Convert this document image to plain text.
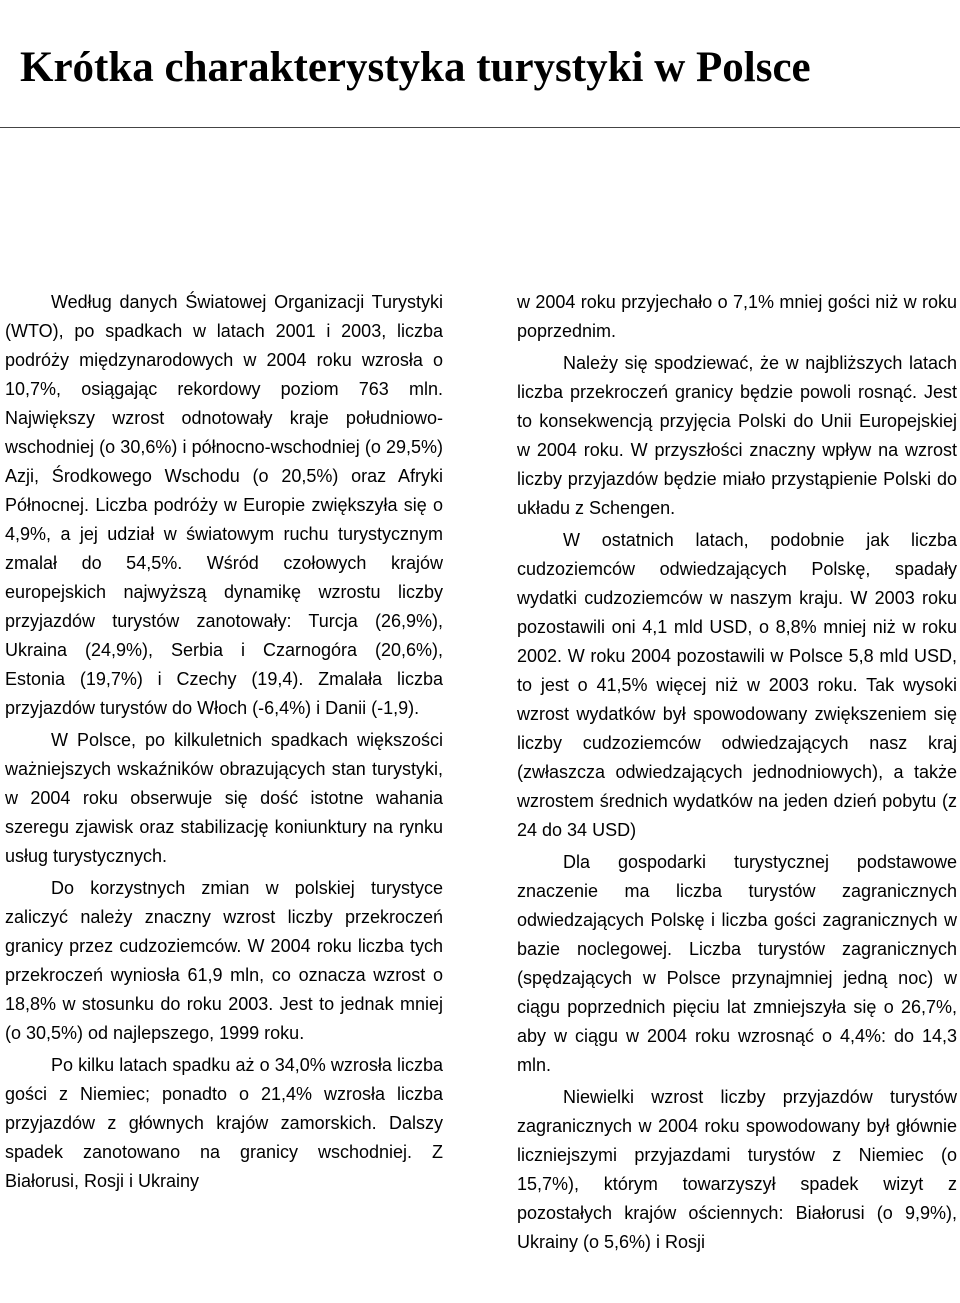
Krótka charakterystyka turystyki w Polsce

Według danych Światowej Organizacji Turystyki (WTO), po spadkach w latach 2001 i 2003, liczba podróży międzynarodowych w 2004 roku wzrosła o 10,7%, osiągając rekordowy poziom 763 mln. Największy wzrost odnotowały kraje południowo-wschodniej (o 30,6%) i północno-wschodniej (o 29,5%) Azji, Środkowego Wschodu (o 20,5%) oraz Afryki Północnej. Liczba podróży w Europie zwiększyła się o 4,9%, a jej udział w światowym ruchu turystycznym zmalał do 54,5%. Wśród czołowych krajów europejskich najwyższą dynamikę wzrostu liczby przyjazdów turystów zanotowały: Turcja (26,9%), Ukraina (24,9%), Serbia i Czarnogóra (20,6%), Estonia (19,7%) i Czechy (19,4). Zmalała liczba przyjazdów turystów do Włoch (-6,4%) i Danii (-1,9).

W Polsce, po kilkuletnich spadkach większości ważniejszych wskaźników obrazujących stan turystyki, w 2004 roku obserwuje się dość istotne wahania szeregu zjawisk oraz stabilizację koniunktury na rynku usług turystycznych.

Do korzystnych zmian w polskiej turystyce zaliczyć należy znaczny wzrost liczby przekroczeń granicy przez cudzoziemców. W 2004 roku liczba tych przekroczeń wyniosła 61,9 mln, co oznacza wzrost o 18,8% w stosunku do roku 2003. Jest to jednak mniej (o 30,5%) od najlepszego, 1999 roku.

Po kilku latach spadku aż o 34,0% wzrosła liczba gości z Niemiec; ponadto o 21,4% wzrosła liczba przyjazdów z głównych krajów zamorskich. Dalszy spadek zanotowano na granicy wschodniej. Z Białorusi, Rosji i Ukrainy

w 2004 roku przyjechało o 7,1% mniej gości niż w roku poprzednim.

Należy się spodziewać, że w najbliższych latach liczba przekroczeń granicy będzie powoli rosnąć. Jest to konsekwencją przyjęcia Polski do Unii Europejskiej w 2004 roku. W przyszłości znaczny wpływ na wzrost liczby przyjazdów będzie miało przystąpienie Polski do układu z Schengen.

W ostatnich latach, podobnie jak liczba cudzoziemców odwiedzających Polskę, spadały wydatki cudzoziemców w naszym kraju. W 2003 roku pozostawili oni 4,1 mld USD, o 8,8% mniej niż w roku 2002. W roku 2004 pozostawili w Polsce 5,8 mld USD, to jest o 41,5% więcej niż w 2003 roku. Tak wysoki wzrost wydatków był spowodowany zwiększeniem się liczby cudzoziemców odwiedzających nasz kraj (zwłaszcza odwiedzających jednodniowych), a także wzrostem średnich wydatków na jeden dzień pobytu (z 24 do 34 USD)

Dla gospodarki turystycznej podstawowe znaczenie ma liczba turystów zagranicznych odwiedzających Polskę i liczba gości zagranicznych w bazie noclegowej. Liczba turystów zagranicznych (spędzających w Polsce przynajmniej jedną noc) w ciągu poprzednich pięciu lat zmniejszyła się o 26,7%, aby w ciągu w 2004 roku wzrosnąć o 4,4%: do 14,3 mln.

Niewielki wzrost liczby przyjazdów turystów zagranicznych w 2004 roku spowodowany był głównie liczniejszymi przyjazdami turystów z Niemiec (o 15,7%), którym towarzyszył spadek wizyt z pozostałych krajów ościennych: Białorusi (o 9,9%), Ukrainy (o 5,6%) i Rosji
